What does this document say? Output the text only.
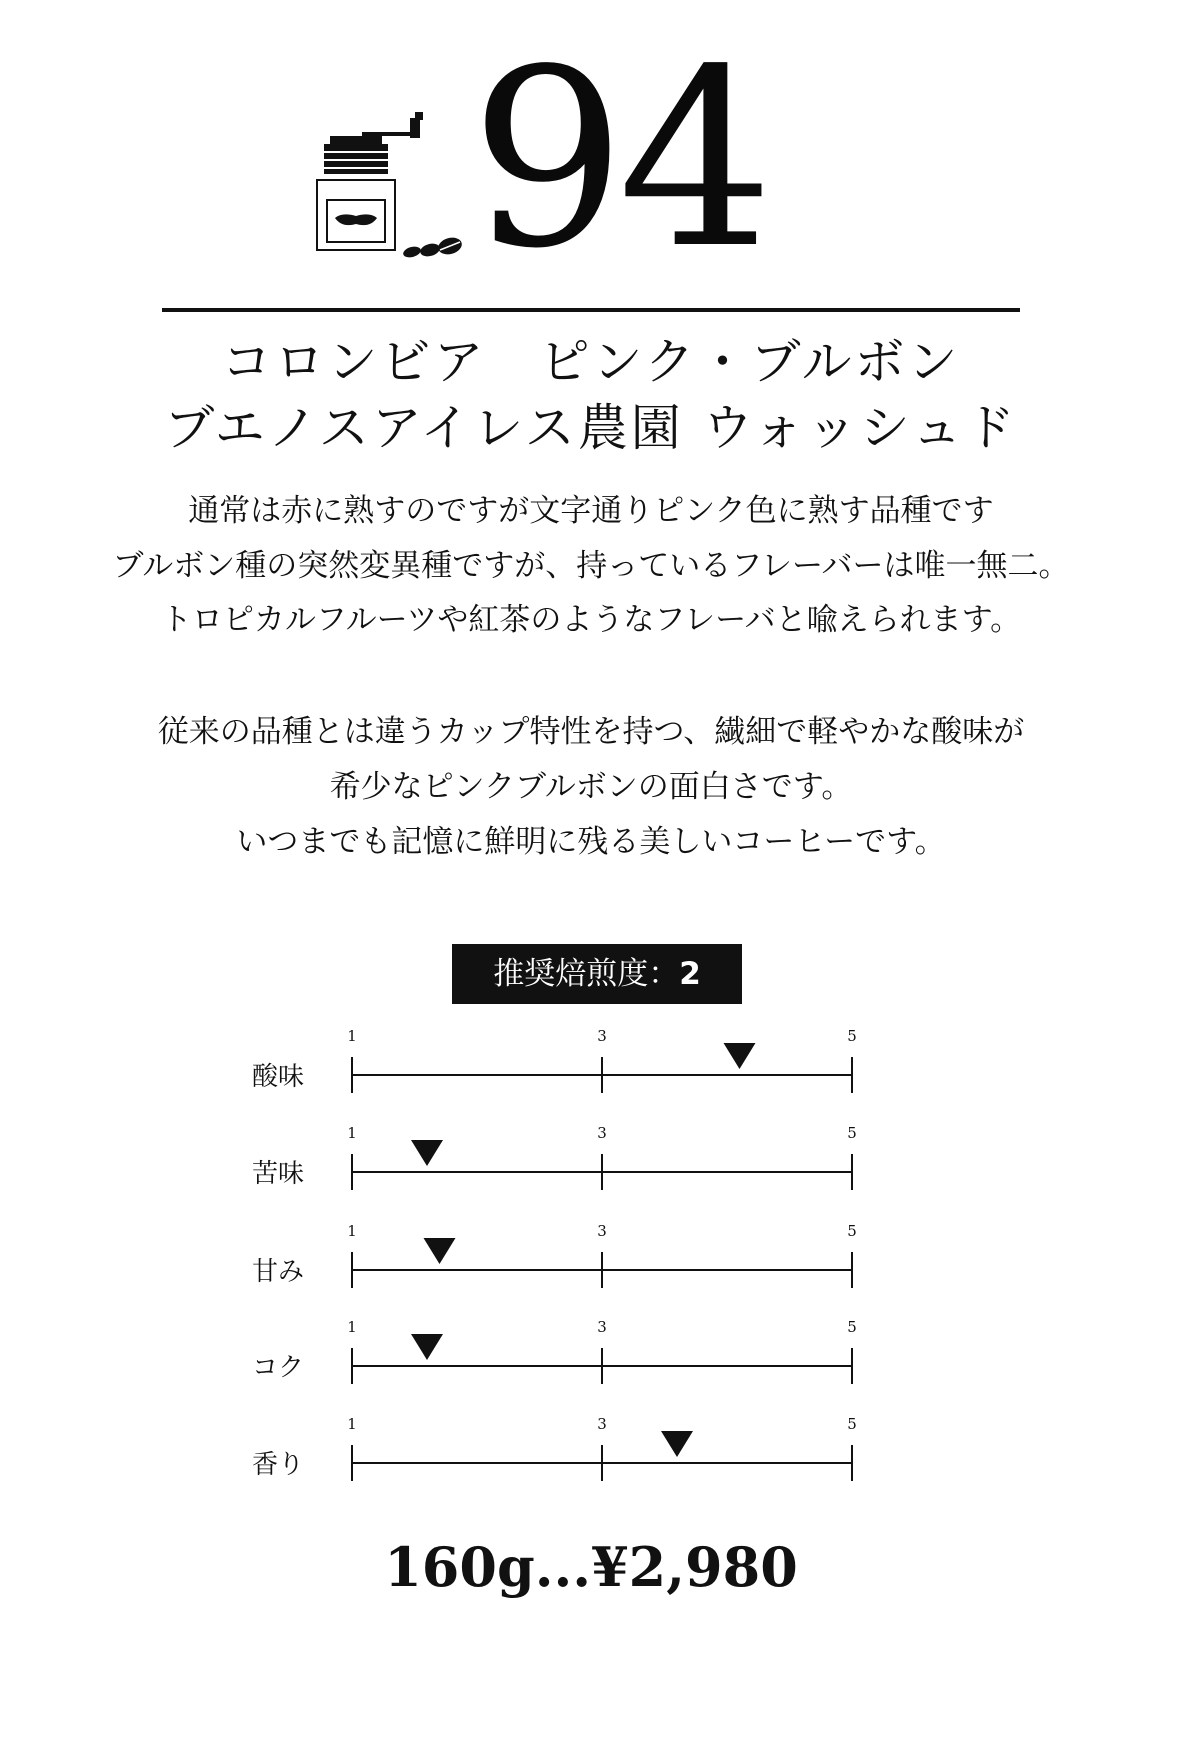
94
コロンビア　ピンク・ブルボン
ブエノスアイレス農園 ウォッシュド
通常は赤に熟すのですが文字通りピンク色に熟す品種です
ブルボン種の突然変異種ですが、持っているフレーバーは唯一無二。
トロピカルフルーツや紅茶のようなフレーバと喩えられます。
従来の品種とは違うカップ特性を持つ、繊細で軽やかな酸味が
希少なピンクブルボンの面白さです。
いつまでも記憶に鮮明に残る美しいコーヒーです。
推奨焙煎度：2
酸味
1	3	5
苦味
1	3	5
甘み
1	3	5
コク
1	3	5
香り
1	3	5
160g...¥2,980
